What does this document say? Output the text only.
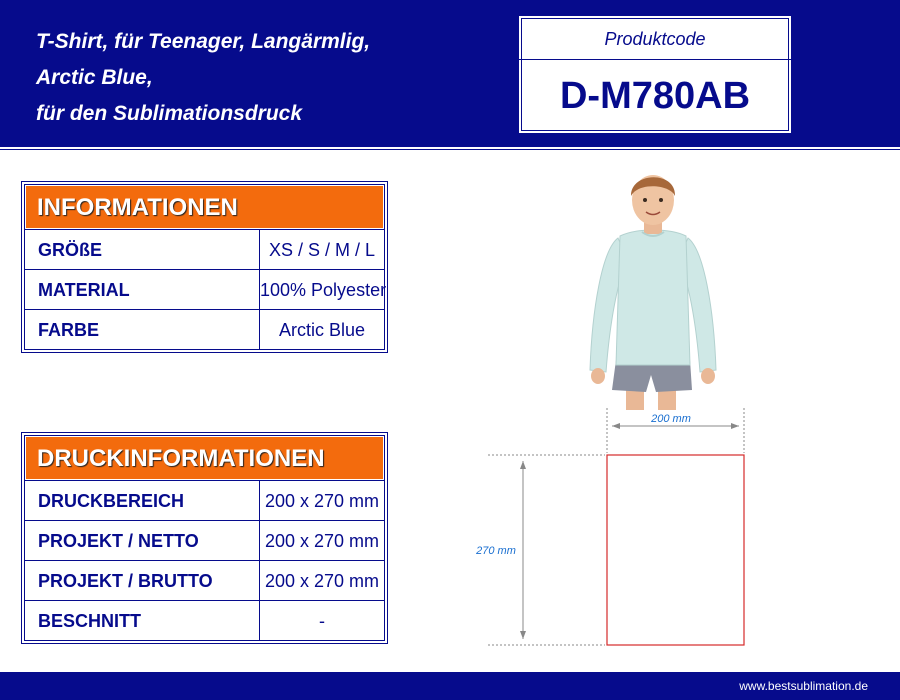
T-Shirt, für Teenager, Langärmlig,
Arctic Blue,
für den Sublimationsdruck
Produktcode
D-M780AB
INFORMATIONEN
GRÖßE	XS / S / M / L
MATERIAL	100% Polyester
FARBE	Arctic Blue
DRUCKINFORMATIONEN
DRUCKBEREICH	200 x 270 mm
PROJEKT / NETTO	200 x 270 mm
PROJEKT / BRUTTO	200 x 270 mm
BESCHNITT	-
200 mm
270 mm
www.bestsublimation.de
